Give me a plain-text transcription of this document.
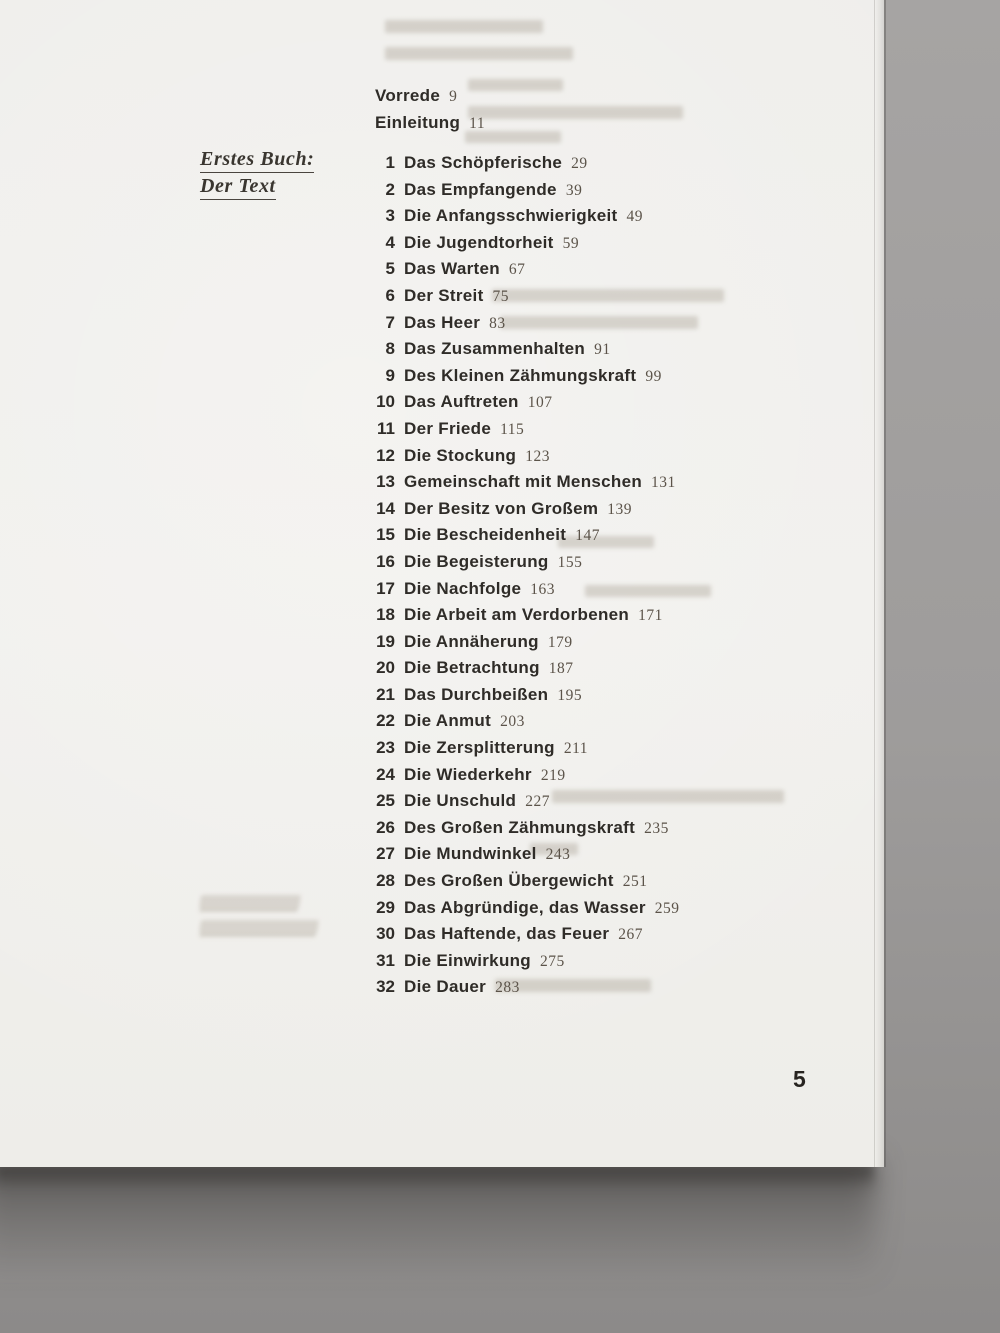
Vorrede 9
Einleitung 11
Erstes Buch:
Der Text
1 Das Schöpferische 29
2 Das Empfangende 39
3 Die Anfangsschwierigkeit 49
4 Die Jugendtorheit 59
5 Das Warten 67
6 Der Streit 75
7 Das Heer 83
8 Das Zusammenhalten 91
9 Des Kleinen Zähmungskraft 99
10 Das Auftreten 107
11 Der Friede 115
12 Die Stockung 123
13 Gemeinschaft mit Menschen 131
14 Der Besitz von Großem 139
15 Die Bescheidenheit 147
16 Die Begeisterung 155
17 Die Nachfolge 163
18 Die Arbeit am Verdorbenen 171
19 Die Annäherung 179
20 Die Betrachtung 187
21 Das Durchbeißen 195
22 Die Anmut 203
23 Die Zersplitterung 211
24 Die Wiederkehr 219
25 Die Unschuld 227
26 Des Großen Zähmungskraft 235
27 Die Mundwinkel 243
28 Des Großen Übergewicht 251
29 Das Abgründige, das Wasser 259
30 Das Haftende, das Feuer 267
31 Die Einwirkung 275
32 Die Dauer 283
5
